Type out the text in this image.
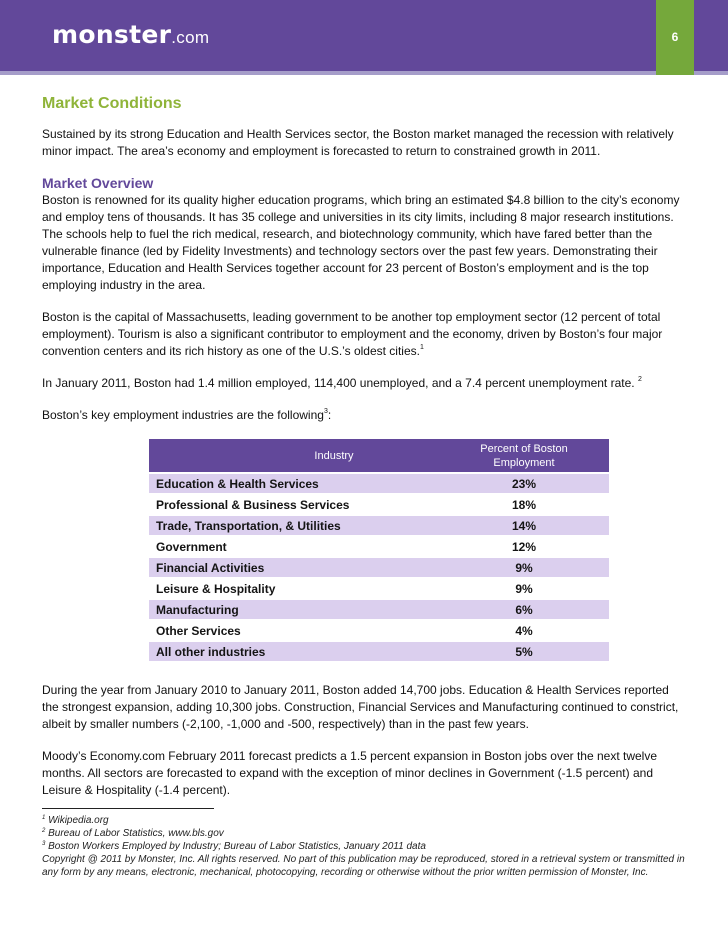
monster.com	6
Market Conditions

Sustained by its strong Education and Health Services sector, the Boston market managed the recession with relatively minor impact. The area’s economy and employment is forecasted to return to constrained growth in 2011.

Market Overview

Boston is renowned for its quality higher education programs, which bring an estimated $4.8 billion to the city’s economy and employ tens of thousands. It has 35 college and universities in its city limits, including 8 major research institutions. The schools help to fuel the rich medical, research, and biotechnology community, which have fared better than the vulnerable finance (led by Fidelity Investments) and technology sectors over the past few years. Demonstrating their importance, Education and Health Services together account for 23 percent of Boston’s employment and is the top employing industry in the area.

Boston is the capital of Massachusetts, leading government to be another top employment sector (12 percent of total employment). Tourism is also a significant contributor to employment and the economy, driven by Boston’s four major convention centers and its rich history as one of the U.S.’s oldest cities.$^1$

In January 2011, Boston had 1.4 million employed, 114,400 unemployed, and a 7.4 percent unemployment rate. $^2$

Boston’s key employment industries are the following$^3$:

Industry	Percent of Boston Employment	
Education & Health Services	23%	
Professional & Business Services	18%	
Trade, Transportation, & Utilities	14%	
Government	12%	
Financial Activities	9%	
Leisure & Hospitality	9%	
Manufacturing	6%	
Other Services	4%	
All other industries	5%	

During the year from January 2010 to January 2011, Boston added 14,700 jobs. Education & Health Services reported the strongest expansion, adding 10,300 jobs. Construction, Financial Services and Manufacturing continued to constrict, albeit by smaller numbers (-2,100, -1,000 and -500, respectively) than in the past few years.

Moody’s Economy.com February 2011 forecast predicts a 1.5 percent expansion in Boston jobs over the next twelve months. All sectors are forecasted to expand with the exception of minor declines in Government (-1.5 percent) and Leisure & Hospitality (-1.4 percent).

$^1$ Wikipedia.org
$^2$ Bureau of Labor Statistics, www.bls.gov
$^3$ Boston Workers Employed by Industry; Bureau of Labor Statistics, January 2011 data
Copyright @ 2011 by Monster, Inc. All rights reserved. No part of this publication may be reproduced, stored in a retrieval system or transmitted in any form by any means, electronic, mechanical, photocopying, recording or otherwise without the prior written permission of Monster, Inc.
